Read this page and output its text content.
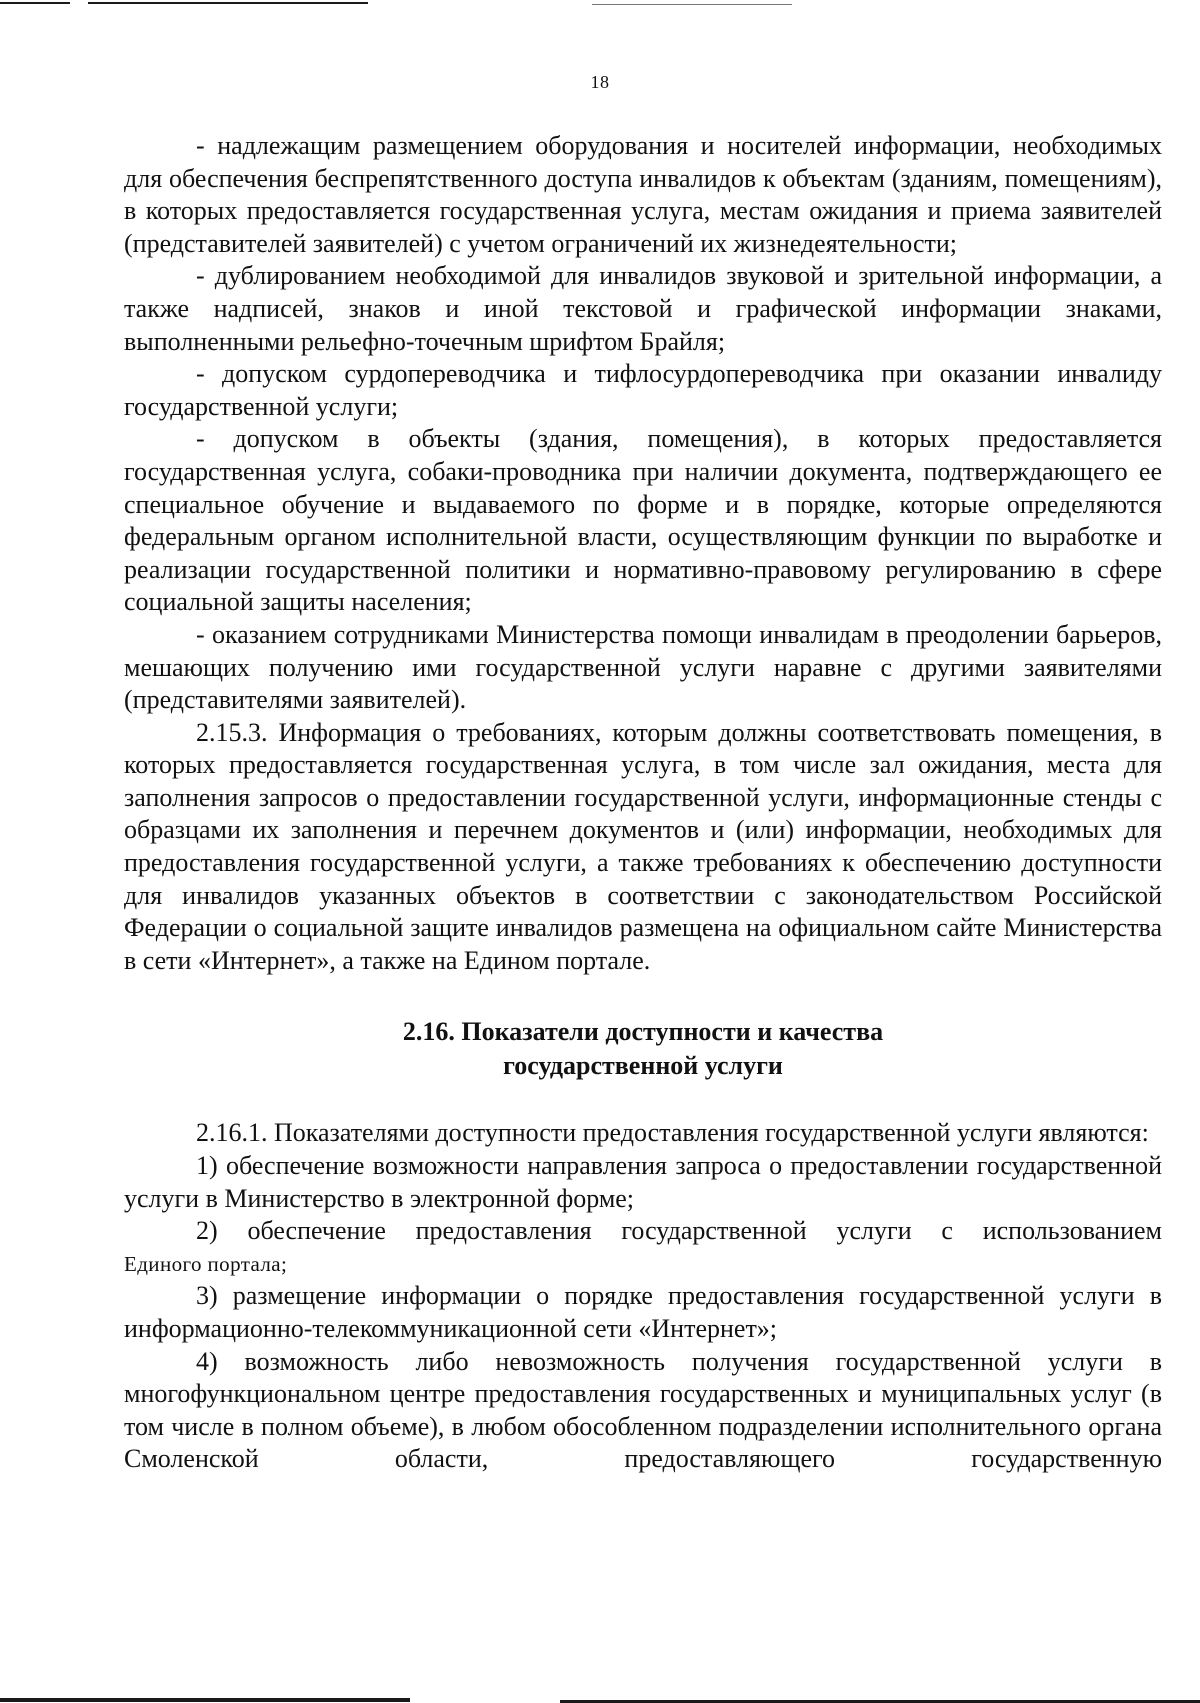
18

- надлежащим размещением оборудования и носителей информации, необходимых для обеспечения беспрепятственного доступа инвалидов к объектам (зданиям, помещениям), в которых предоставляется государственная услуга, местам ожидания и приема заявителей (представителей заявителей) с учетом ограничений их жизнедеятельности;

- дублированием необходимой для инвалидов звуковой и зрительной информации, а также надписей, знаков и иной текстовой и графической информации знаками, выполненными рельефно-точечным шрифтом Брайля;

- допуском сурдопереводчика и тифлосурдопереводчика при оказании инвалиду государственной услуги;

- допуском в объекты (здания, помещения), в которых предоставляется государственная услуга, собаки-проводника при наличии документа, подтверждающего ее специальное обучение и выдаваемого по форме и в порядке, которые определяются федеральным органом исполнительной власти, осуществляющим функции по выработке и реализации государственной политики и нормативно-правовому регулированию в сфере социальной защиты населения;

- оказанием сотрудниками Министерства помощи инвалидам в преодолении барьеров, мешающих получению ими государственной услуги наравне с другими заявителями (представителями заявителей).

2.15.3. Информация о требованиях, которым должны соответствовать помещения, в которых предоставляется государственная услуга, в том числе зал ожидания, места для заполнения запросов о предоставлении государственной услуги, информационные стенды с образцами их заполнения и перечнем документов и (или) информации, необходимых для предоставления государственной услуги, а также требованиях к обеспечению доступности для инвалидов указанных объектов в соответствии с законодательством Российской Федерации о социальной защите инвалидов размещена на официальном сайте Министерства в сети «Интернет», а также на Едином портале.

2.16. Показатели доступности и качества
государственной услуги

2.16.1. Показателями доступности предоставления государственной услуги являются:

1) обеспечение возможности направления запроса о предоставлении государственной услуги в Министерство в электронной форме;

2) обеспечение предоставления государственной услуги с использованием

Единого портала;

3) размещение информации о порядке предоставления государственной услуги в информационно-телекоммуникационной сети «Интернет»;

4) возможность либо невозможность получения государственной услуги в многофункциональном центре предоставления государственных и муниципальных услуг (в том числе в полном объеме), в любом обособленном подразделении исполнительного органа Смоленской области, предоставляющего государственную
